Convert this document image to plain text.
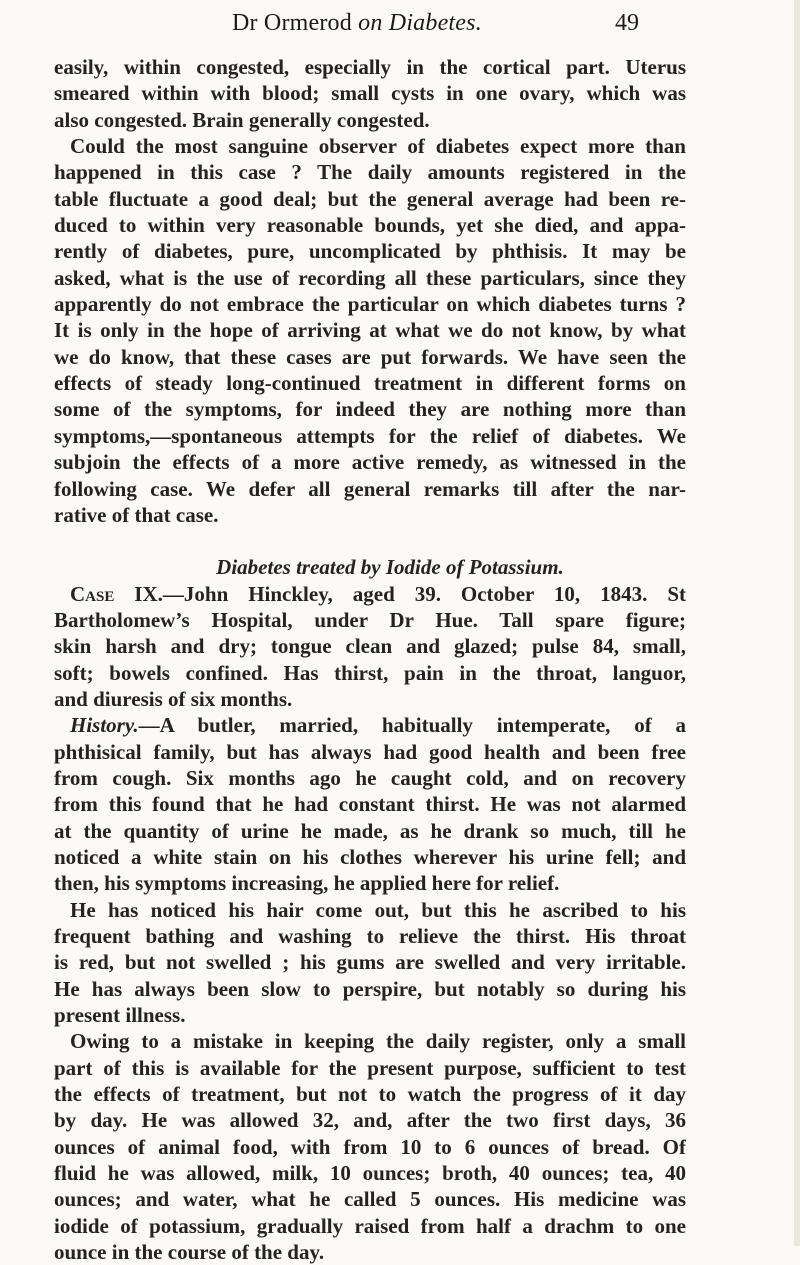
Dr Ormerod on Diabetes.	49
easily, within congested, especially in the cortical part. Uterus
smeared within with blood; small cysts in one ovary, which was
also congested. Brain generally congested.
Could the most sanguine observer of diabetes expect more than
happened in this case ? The daily amounts registered in the
table fluctuate a good deal; but the general average had been re-
duced to within very reasonable bounds, yet she died, and appa-
rently of diabetes, pure, uncomplicated by phthisis. It may be
asked, what is the use of recording all these particulars, since they
apparently do not embrace the particular on which diabetes turns ?
It is only in the hope of arriving at what we do not know, by what
we do know, that these cases are put forwards. We have seen the
effects of steady long-continued treatment in different forms on
some of the symptoms, for indeed they are nothing more than
symptoms,—spontaneous attempts for the relief of diabetes. We
subjoin the effects of a more active remedy, as witnessed in the
following case. We defer all general remarks till after the nar-
rative of that case.
Diabetes treated by Iodide of Potassium.
Case IX.—John Hinckley, aged 39. October 10, 1843. St
Bartholomew’s Hospital, under Dr Hue. Tall spare figure;
skin harsh and dry; tongue clean and glazed; pulse 84, small,
soft; bowels confined. Has thirst, pain in the throat, languor,
and diuresis of six months.
History.—A butler, married, habitually intemperate, of a
phthisical family, but has always had good health and been free
from cough. Six months ago he caught cold, and on recovery
from this found that he had constant thirst. He was not alarmed
at the quantity of urine he made, as he drank so much, till he
noticed a white stain on his clothes wherever his urine fell; and
then, his symptoms increasing, he applied here for relief.
He has noticed his hair come out, but this he ascribed to his
frequent bathing and washing to relieve the thirst. His throat
is red, but not swelled ; his gums are swelled and very irritable.
He has always been slow to perspire, but notably so during his
present illness.
Owing to a mistake in keeping the daily register, only a small
part of this is available for the present purpose, sufficient to test
the effects of treatment, but not to watch the progress of it day
by day. He was allowed 32, and, after the two first days, 36
ounces of animal food, with from 10 to 6 ounces of bread. Of
fluid he was allowed, milk, 10 ounces; broth, 40 ounces; tea, 40
ounces; and water, what he called 5 ounces. His medicine was
iodide of potassium, gradually raised from half a drachm to one
ounce in the course of the day.
